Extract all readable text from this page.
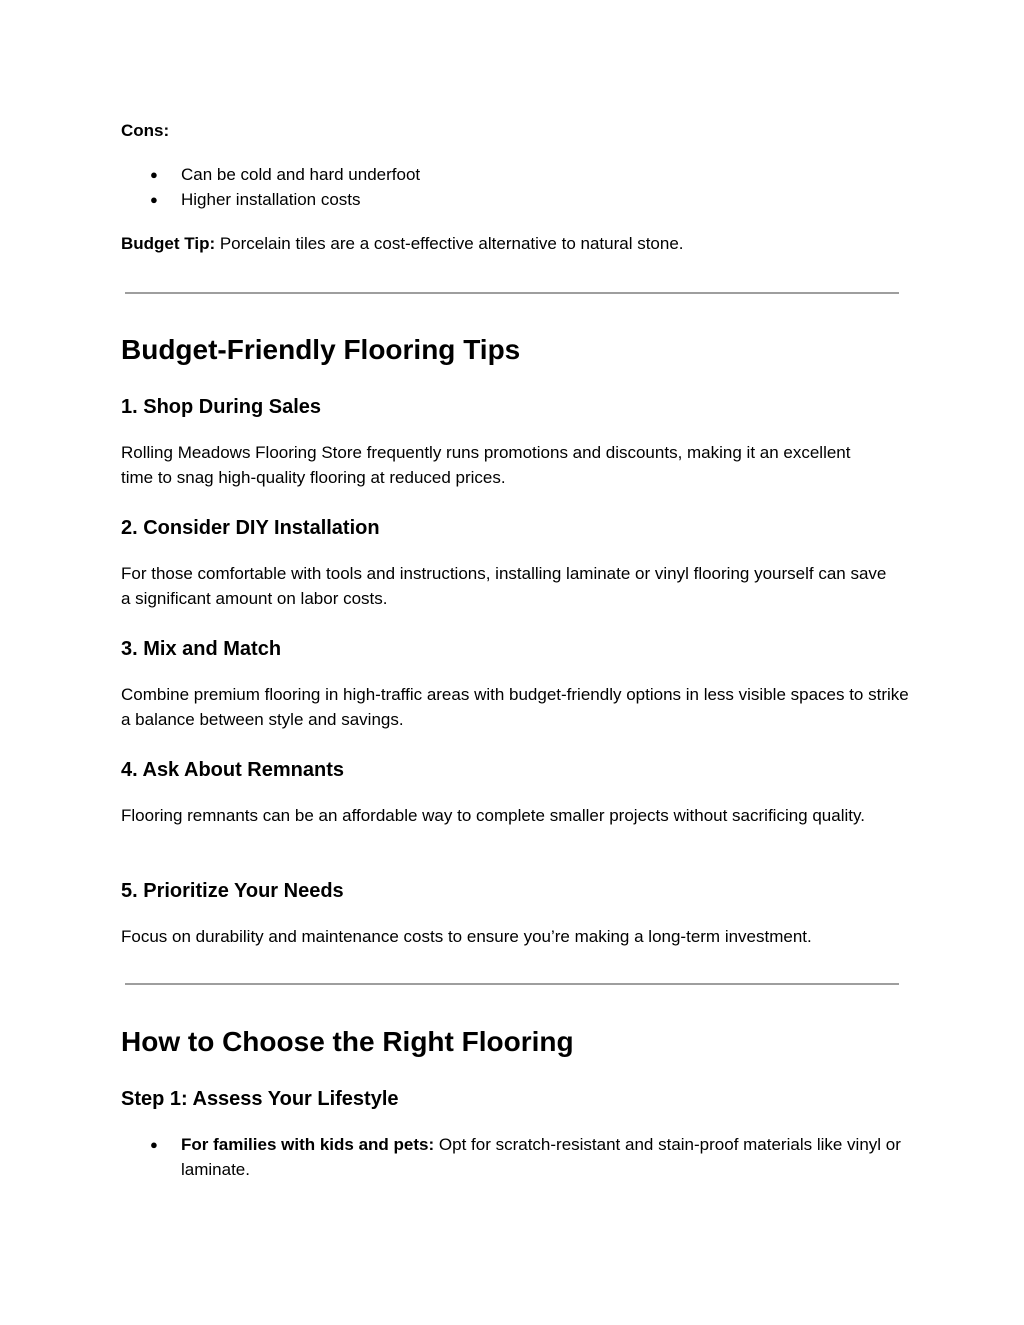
Cons:
●	Can be cold and hard underfoot
●	Higher installation costs
Budget Tip: Porcelain tiles are a cost-effective alternative to natural stone.
Budget-Friendly Flooring Tips
1. Shop During Sales
Rolling Meadows Flooring Store frequently runs promotions and discounts, making it an excellent time to snag high-quality flooring at reduced prices.
2. Consider DIY Installation
For those comfortable with tools and instructions, installing laminate or vinyl flooring yourself can save a significant amount on labor costs.
3. Mix and Match
Combine premium flooring in high-traffic areas with budget-friendly options in less visible spaces to strike a balance between style and savings.
4. Ask About Remnants
Flooring remnants can be an affordable way to complete smaller projects without sacrificing quality.
5. Prioritize Your Needs
Focus on durability and maintenance costs to ensure you’re making a long-term investment.
How to Choose the Right Flooring
Step 1: Assess Your Lifestyle
●	For families with kids and pets: Opt for scratch-resistant and stain-proof materials like vinyl or laminate.
